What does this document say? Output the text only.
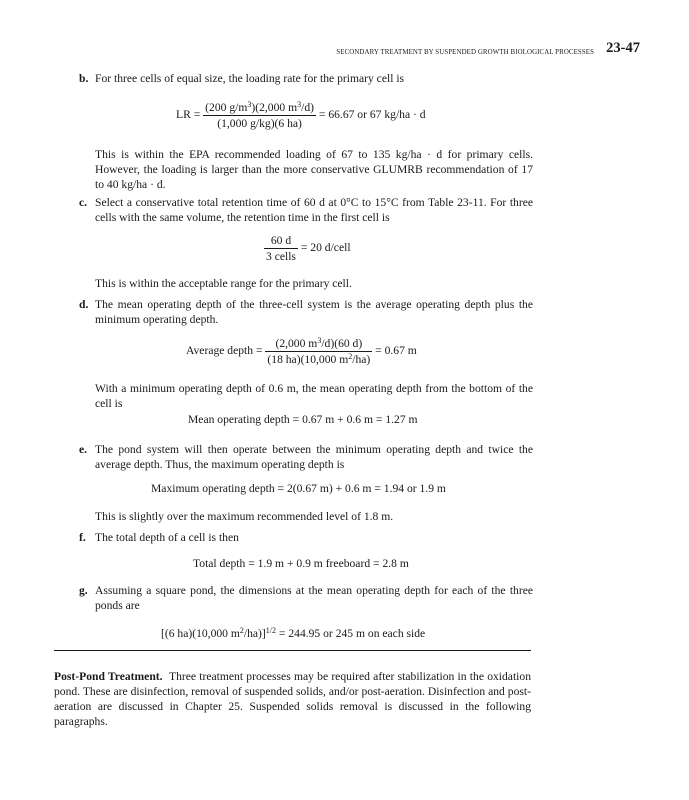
SECONDARY TREATMENT BY SUSPENDED GROWTH BIOLOGICAL PROCESSES 23-47
b. For three cells of equal size, the loading rate for the primary cell is
LR = $\frac{(200 g/m^3)(2,000 m^3/d)}{(1,000 g/kg)(6 ha)} = 66.67$ or 67 kg/ha · d
This is within the EPA recommended loading of 67 to 135 kg/ha · d for primary cells. However, the loading is larger than the more conservative GLUMRB recommendation of 17 to 40 kg/ha · d.
c. Select a conservative total retention time of 60 d at 0°C to 15°C from Table 23-11. For three cells with the same volume, the retention time in the first cell is
$\frac{60 d}{\text{3 cells}} = 20$ d/cell
This is within the acceptable range for the primary cell.
d. The mean operating depth of the three-cell system is the average operating depth plus the minimum operating depth.
Average depth = $\frac{(2,000 m^3/d)(60 d)}{(18 ha)(10,000 m^2/ha)} = 0.67$ m
With a minimum operating depth of 0.6 m, the mean operating depth from the bottom of the cell is
Mean operating depth = 0.67 m + 0.6 m = 1.27 m
e. The pond system will then operate between the minimum operating depth and twice the average depth. Thus, the maximum operating depth is
Maximum operating depth = 2(0.67 m) + 0.6 m = 1.94 or 1.9 m
This is slightly over the maximum recommended level of 1.8 m.
f. The total depth of a cell is then
Total depth = 1.9 m + 0.9 m freeboard = 2.8 m
g. Assuming a square pond, the dimensions at the mean operating depth for each of the three ponds are
[(6 ha)(10,000 $m^2/ha)]^{1/2} = 244.95$ or 245 m on each side
Post-Pond Treatment. Three treatment processes may be required after stabilization in the oxidation pond. These are disinfection, removal of suspended solids, and/or post-aeration. Disinfection and post-aeration are discussed in Chapter 25. Suspended solids removal is discussed in the following paragraphs.
